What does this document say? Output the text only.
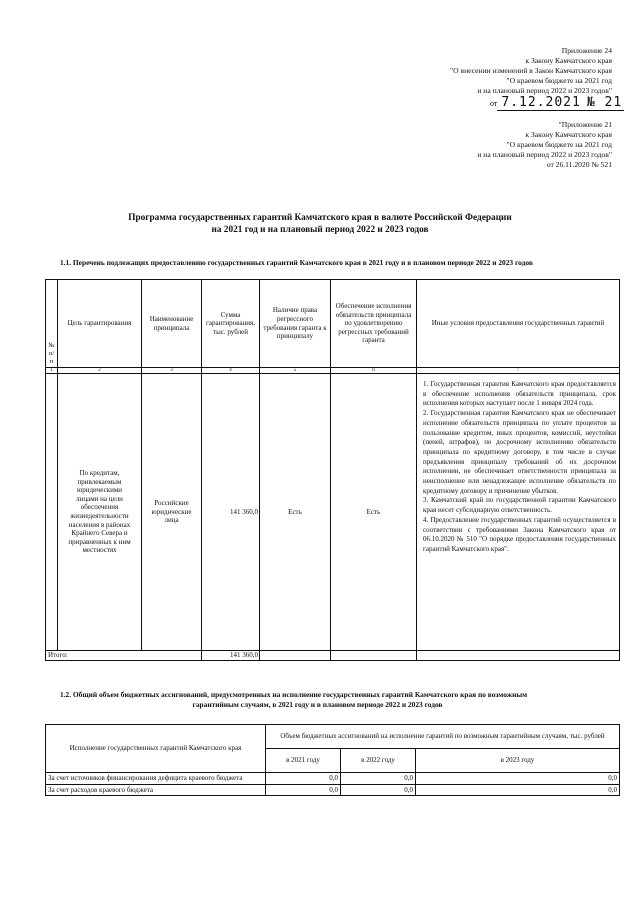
Приложение 24
к Закону Камчатского края
"О внесении изменений в Закон Камчатского края
"О краевом бюджете на 2021 год
и на плановый период 2022 и 2023 годов"
от 7.12.2021 № 21
"Приложение 21
к Закону Камчатского края
"О краевом бюджете на 2021 год
и на плановый период 2022 и 2023 годов"
от 26.11.2020 № 521
Программа государственных гарантий Камчатского края в валюте Российской Федерации
на 2021 год и на плановый период 2022 и 2023 годов
1.1. Перечень подлежащих предоставлению государственных гарантий Камчатского края в 2021 году и в плановом периоде 2022 и 2023 годов
№ п/п	Цель гарантирования	Наименование принципала	Сумма гарантирования, тыс. рублей	Наличие права регрессного требования гаранта к принципалу	Обеспечение исполнения обязательств принципала по удовлетворению регрессных требований гаранта	Иные условия предоставления государственных гарантий
1	2	3	4	5	6	7
	По кредитам, привлекаемым юридическими лицами на цели обеспечения жизнедеятельности населения в районах Крайнего Севера и приравненных к ним местностях	Российские юридические лица	141 360,0	Есть	Есть	1. Государственная гарантия Камчатского края предоставляется в обеспечение исполнения обязательств принципала, срок исполнения которых наступает после 1 января 2024 года.
2. Государственная гарантия Камчатского края не обеспечивает исполнение обязательств принципала по уплате процентов за пользование кредитом, иных процентов, комиссий, неустойки (пеней, штрафов), по досрочному исполнению обязательств принципала по кредитному договору, в том числе в случае предъявления принципалу требований об их досрочном исполнении, не обеспечивает ответственности принципала за неисполнение или ненадлежащее исполнение обязательств по кредитному договору и причинение убытков.
3. Камчатский край по государственной гарантии Камчатского края несет субсидиарную ответственность.
4. Предоставление государственных гарантий осуществляется в соответствии с требованиями Закона Камчатского края от 06.10.2020 № 510 "О порядке предоставления государственных гарантий Камчатского края".

Итого:			141 360,0			
1.2. Общий объем бюджетных ассигнований, предусмотренных на исполнение государственных гарантий Камчатского края по возможным
гарантийным случаям, в 2021 году и в плановом периоде 2022 и 2023 годов
Исполнение государственных гарантий Камчатского края	Объем бюджетных ассигнований на исполнение гарантий по возможным гарантийным случаям, тыс. рублей		
	в 2021 году	в 2022 году	в 2023 году
За счет источников финансирования дефицита краевого бюджета	0,0	0,0	0,0
За счет расходов краевого бюджета	0,0	0,0	0,0
